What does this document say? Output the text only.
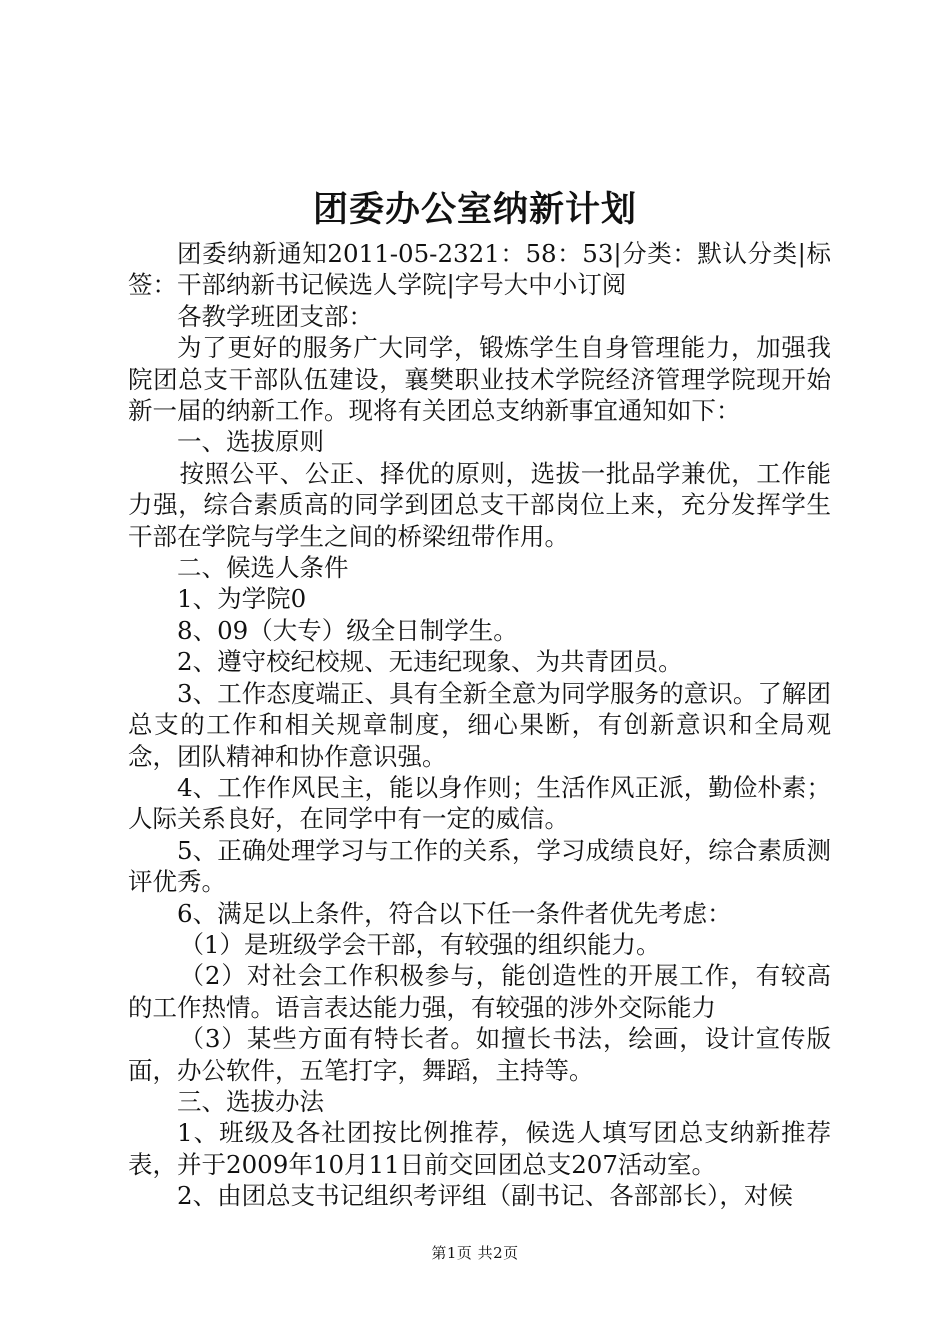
团委办公室纳新计划

团委纳新通知2011-05-2321：58：53|分类：默认分类|标签：干部纳新书记候选人学院|字号大中小订阅

各教学班团支部：

为了更好的服务广大同学，锻炼学生自身管理能力，加强我院团总支干部队伍建设，襄樊职业技术学院经济管理学院现开始新一届的纳新工作。现将有关团总支纳新事宜通知如下：

一、选拔原则

按照公平、公正、择优的原则，选拔一批品学兼优，工作能力强，综合素质高的同学到团总支干部岗位上来，充分发挥学生干部在学院与学生之间的桥梁纽带作用。

二、候选人条件

1、为学院0

8、09（大专）级全日制学生。

2、遵守校纪校规、无违纪现象、为共青团员。

3、工作态度端正、具有全新全意为同学服务的意识。了解团总支的工作和相关规章制度，细心果断，有创新意识和全局观念，团队精神和协作意识强。

4、工作作风民主，能以身作则；生活作风正派，勤俭朴素；人际关系良好，在同学中有一定的威信。

5、正确处理学习与工作的关系，学习成绩良好，综合素质测评优秀。

6、满足以上条件，符合以下任一条件者优先考虑：

（1）是班级学会干部，有较强的组织能力。

（2）对社会工作积极参与，能创造性的开展工作，有较高的工作热情。语言表达能力强，有较强的涉外交际能力

（3）某些方面有特长者。如擅长书法，绘画，设计宣传版面，办公软件，五笔打字，舞蹈，主持等。

三、选拔办法

1、班级及各社团按比例推荐，候选人填写团总支纳新推荐表，并于2009年10月11日前交回团总支207活动室。

2、由团总支书记组织考评组（副书记、各部部长），对候

第1页 共2页
